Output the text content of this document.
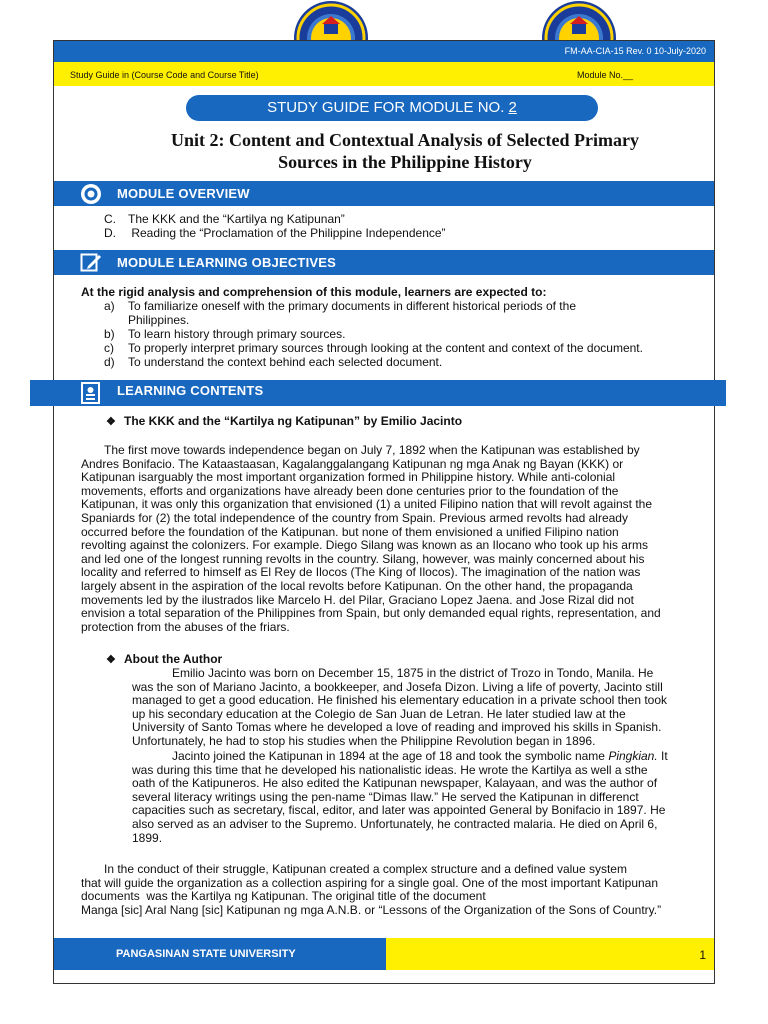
FM-AA-CIA-15 Rev. 0 10-July-2020
Study Guide in (Course Code and Course Title)	Module No.__
STUDY GUIDE FOR MODULE NO. 2
Unit 2: Content and Contextual Analysis of Selected Primary
Sources in the Philippine History
MODULE OVERVIEW
C. The KKK and the “Kartilya ng Katipunan”
D. Reading the “Proclamation of the Philippine Independence”
MODULE LEARNING OBJECTIVES
At the rigid analysis and comprehension of this module, learners are expected to:
a) To familiarize oneself with the primary documents in different historical periods of the
Philippines.
b) To learn history through primary sources.
c) To properly interpret primary sources through looking at the content and context of the document.
d) To understand the context behind each selected document.
LEARNING CONTENTS
❖ The KKK and the “Kartilya ng Katipunan” by Emilio Jacinto

The first move towards independence began on July 7, 1892 when the Katipunan was established by

Andres Bonifacio. The Kataastaasan, Kagalanggalangang Katipunan ng mga Anak ng Bayan (KKK) or

Katipunan isarguably the most important organization formed in Philippine history. While anti-colonial

movements, efforts and organizations have already been done centuries prior to the foundation of the

Katipunan, it was only this organization that envisioned (1) a united Filipino nation that will revolt against the

Spaniards for (2) the total independence of the country from Spain. Previous armed revolts had already

occurred before the foundation of the Katipunan. but none of them envisioned a unified Filipino nation

revolting against the colonizers. For example. Diego Silang was known as an Ilocano who took up his arms

and led one of the longest running revolts in the country. Silang, however, was mainly concerned about his

locality and referred to himself as El Rey de Ilocos (The King of Ilocos). The imagination of the nation was

largely absent in the aspiration of the local revolts before Katipunan. On the other hand, the propaganda

movements led by the ilustrados like Marcelo H. del Pilar, Graciano Lopez Jaena. and Jose Rizal did not

envision a total separation of the Philippines from Spain, but only demanded equal rights, representation, and

protection from the abuses of the friars.

❖ About the Author

Emilio Jacinto was born on December 15, 1875 in the district of Trozo in Tondo, Manila. He

was the son of Mariano Jacinto, a bookkeeper, and Josefa Dizon. Living a life of poverty, Jacinto still

managed to get a good education. He finished his elementary education in a private school then took

up his secondary education at the Colegio de San Juan de Letran. He later studied law at the

University of Santo Tomas where he developed a love of reading and improved his skills in Spanish.

Unfortunately, he had to stop his studies when the Philippine Revolution began in 1896.

Jacinto joined the Katipunan in 1894 at the age of 18 and took the symbolic name Pingkian. It

was during this time that he developed his nationalistic ideas. He wrote the Kartilya as well a sthe

oath of the Katipuneros. He also edited the Katipunan newspaper, Kalayaan, and was the author of

several literacy writings using the pen-name “Dimas Ilaw.” He served the Katipunan in differenct

capacities such as secretary, fiscal, editor, and later was appointed General by Bonifacio in 1897. He

also served as an adviser to the Supremo. Unfortunately, he contracted malaria. He died on April 6,

1899.

In the conduct of their struggle, Katipunan created a complex structure and a defined value system

that will guide the organization as a collection aspiring for a single goal. One of the most important Katipunan

documents  was the Kartilya ng Katipunan. The original title of the document

Manga [sic] Aral Nang [sic] Katipunan ng mga A.N.B. or “Lessons of the Organization of the Sons of Country.”

PANGASINAN STATE UNIVERSITY	1
